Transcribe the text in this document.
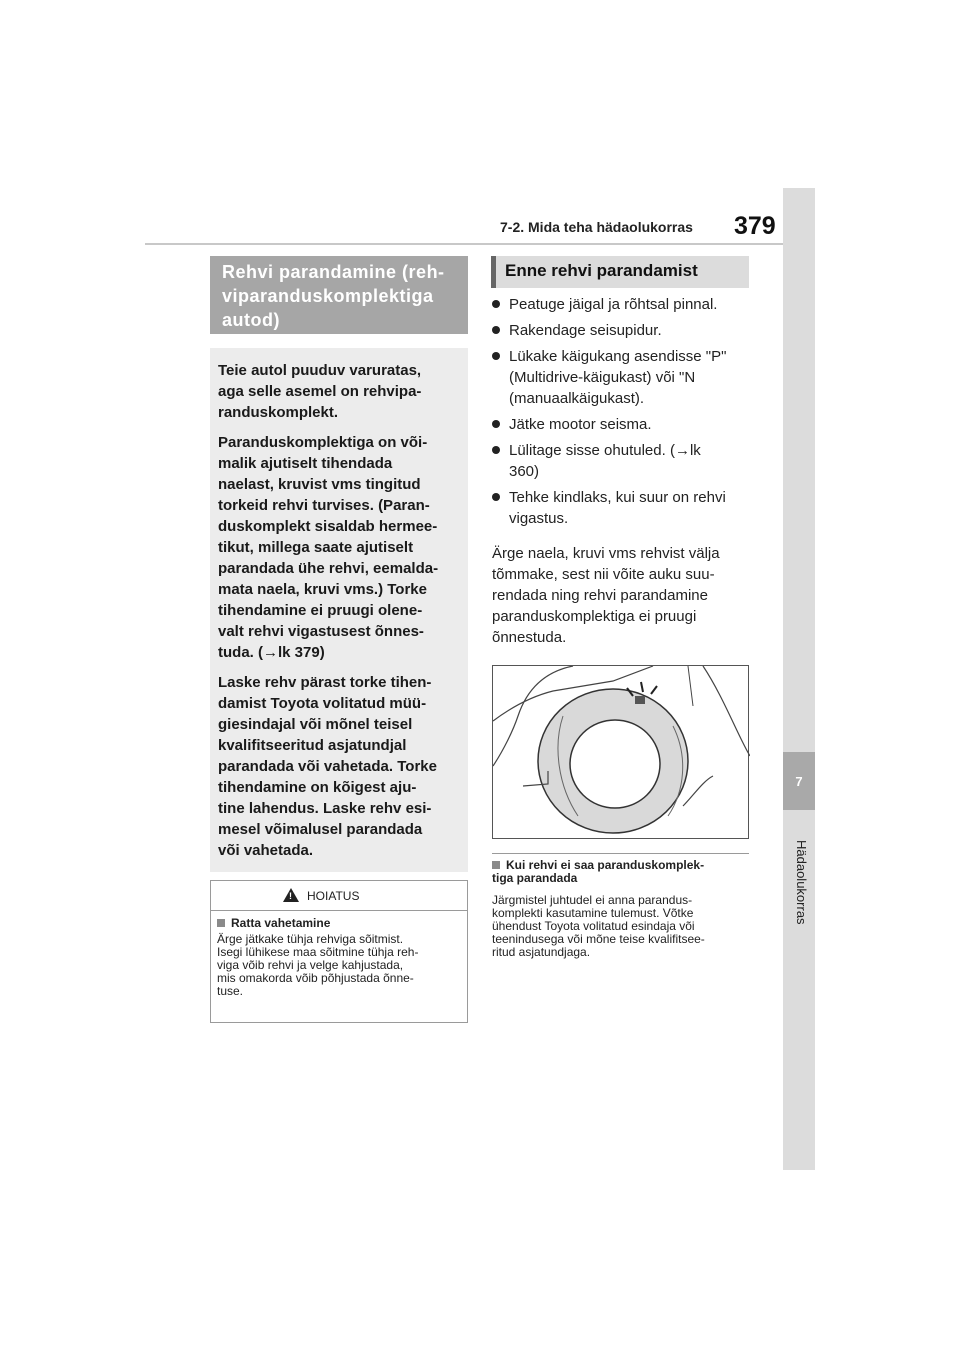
7-2. Mida teha hädaolukorras 379
7
Hädaolukorras
Rehvi parandamine (reh-
viparanduskomplektiga
autod)

Teie autol puuduv varuratas,
aga selle asemel on rehvipa-
randuskomplekt.

Paranduskomplektiga on või-
malik ajutiselt tihendada
naelast, kruvist vms tingitud
torkeid rehvi turvises. (Paran-
duskomplekt sisaldab hermee-
tikut, millega saate ajutiselt
parandada ühe rehvi, eemalda-
mata naela, kruvi vms.) Torke
tihendamine ei pruugi olene-
valt rehvi vigastusest õnnes-
tuda. (→lk 379)

Laske rehv pärast torke tihen-
damist Toyota volitatud müü-
giesindajal või mõnel teisel
kvalifitseeritud asjatundjal
parandada või vahetada. Torke
tihendamine on kõigest aju-
tine lahendus. Laske rehv esi-
mesel võimalusel parandada
või vahetada.

!
HOIATUS
Ratta vahetamine
Ärge jätkake tühja rehviga sõitmist.
Isegi lühikese maa sõitmine tühja reh-
viga võib rehvi ja velge kahjustada,
mis omakorda võib põhjustada õnne-
tuse.
Enne rehvi parandamist
Peatuge jäigal ja rõhtsal pinnal.
Rakendage seisupidur.
Lükake käigukang asendisse "P"
(Multidrive-käigukast) või "N
(manuaalkäigukast).
Jätke mootor seisma.
Lülitage sisse ohutuled. (→lk
360)
Tehke kindlaks, kui suur on rehvi
vigastus.
Ärge naela, kruvi vms rehvist välja
tõmmake, sest nii võite auku suu-
rendada ning rehvi parandamine
paranduskomplektiga ei pruugi
õnnestuda.
Kui rehvi ei saa paranduskomplek-
tiga parandada
Järgmistel juhtudel ei anna parandus-
komplekti kasutamine tulemust. Võtke
ühendust Toyota volitatud esindaja või
teenindusega või mõne teise kvalifitsee-
ritud asjatundjaga.
